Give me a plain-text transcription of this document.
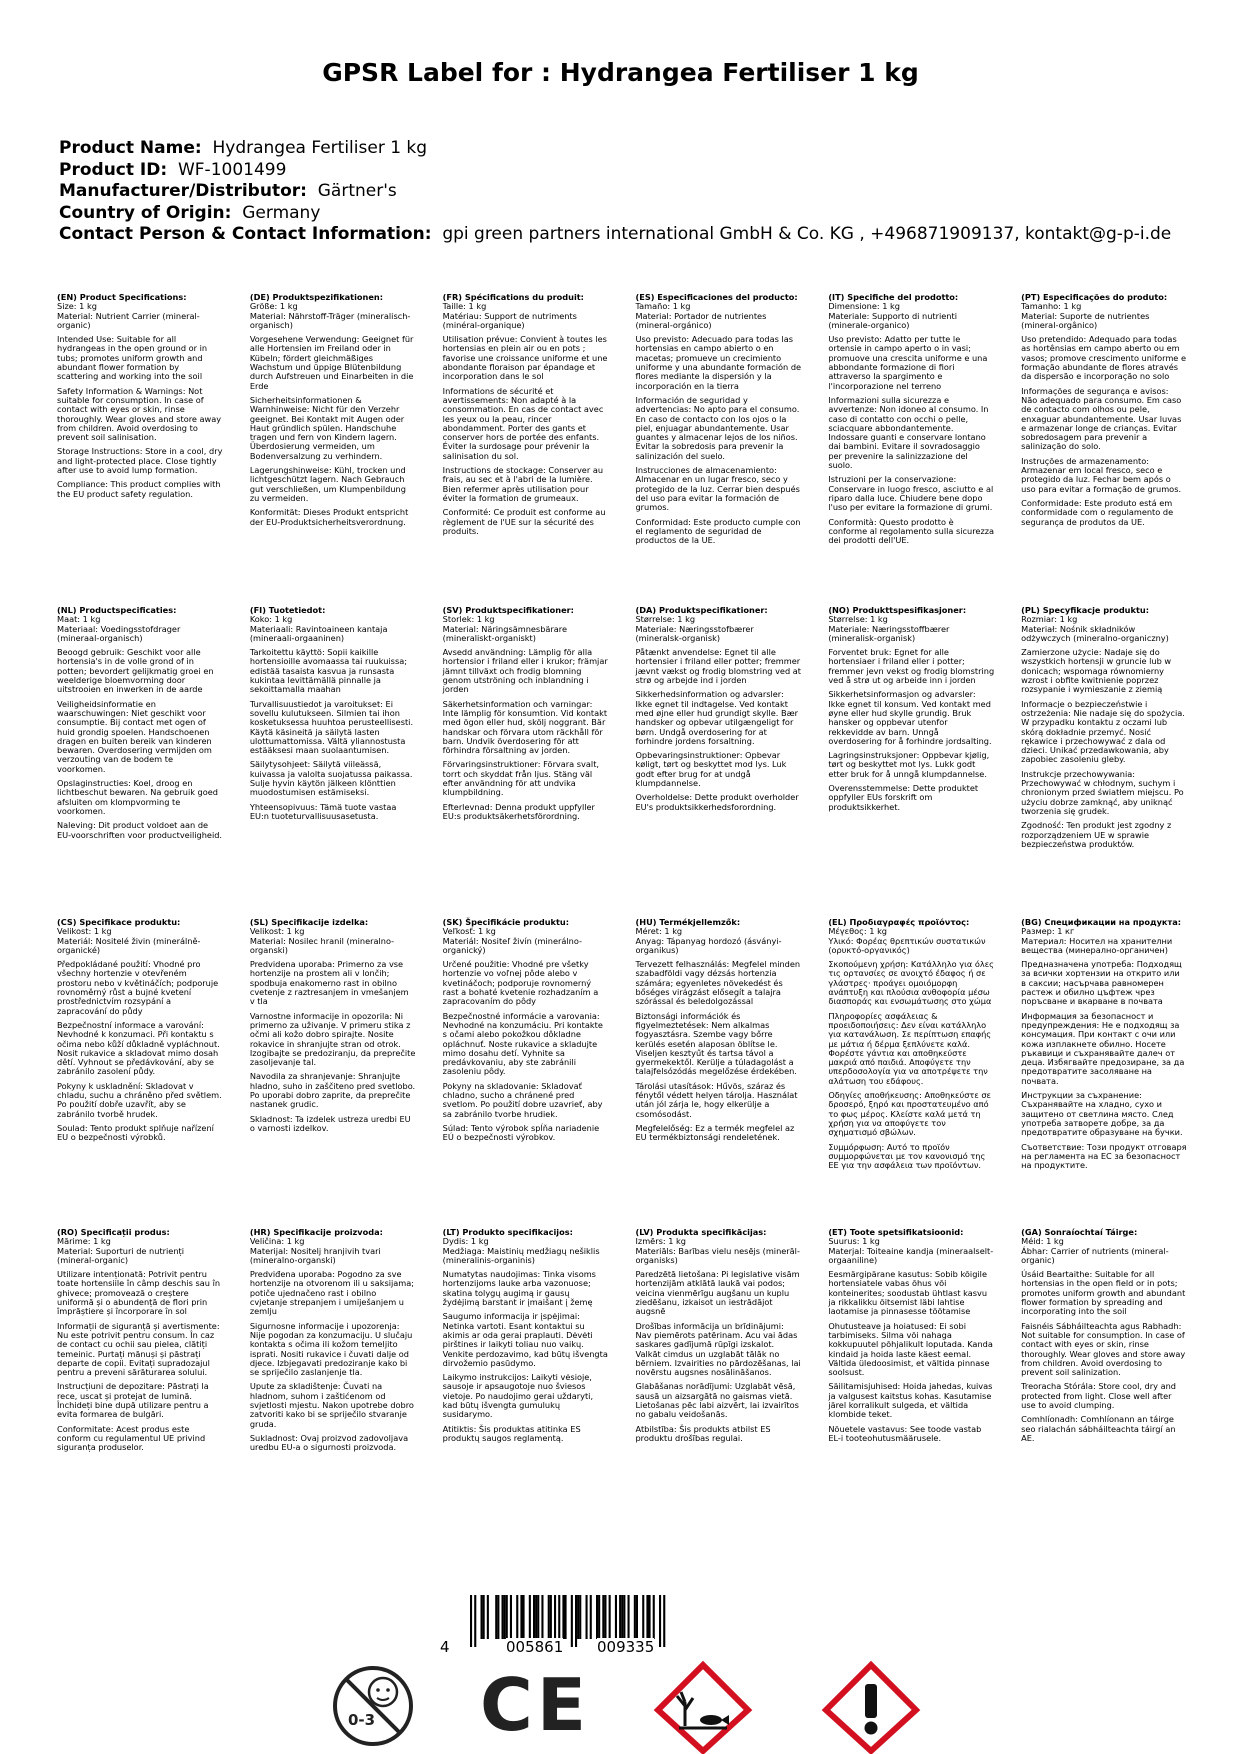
GPSR Label for : Hydrangea Fertiliser 1 kg
Product Name: Hydrangea Fertiliser 1 kg
Product ID: WF-1001499
Manufacturer/Distributor: Gärtner's
Country of Origin: Germany
Contact Person & Contact Information: gpi green partners international GmbH & Co. KG , +496871909137, kontakt@g-p-i.de
(EN) Product Specifications:

Size: 1 kg

Material: Nutrient Carrier (mineral-organic)

Intended Use: Suitable for all hydrangeas in the open ground or in tubs; promotes uniform growth and abundant flower formation by scattering and working into the soil

Safety Information & Warnings: Not suitable for consumption. In case of contact with eyes or skin, rinse thoroughly. Wear gloves and store away from children. Avoid overdosing to prevent soil salinisation.

Storage Instructions: Store in a cool, dry and light-protected place. Close tightly after use to avoid lump formation.

Compliance: This product complies with the EU product safety regulation.

(DE) Produktspezifikationen:

Größe: 1 kg

Material: Nährstoff-Träger (mineralisch-organisch)

Vorgesehene Verwendung: Geeignet für alle Hortensien im Freiland oder in Kübeln; fördert gleichmäßiges Wachstum und üppige Blütenbildung durch Aufstreuen und Einarbeiten in die Erde

Sicherheitsinformationen & Warnhinweise: Nicht für den Verzehr geeignet. Bei Kontakt mit Augen oder Haut gründlich spülen. Handschuhe tragen und fern von Kindern lagern. Überdosierung vermeiden, um Bodenversalzung zu verhindern.

Lagerungshinweise: Kühl, trocken und lichtgeschützt lagern. Nach Gebrauch gut verschließen, um Klumpenbildung zu vermeiden.

Konformität: Dieses Produkt entspricht der EU-Produktsicherheitsverordnung.

(FR) Spécifications du produit:

Taille: 1 kg

Matériau: Support de nutriments (minéral-organique)

Utilisation prévue: Convient à toutes les hortensias en plein air ou en pots ; favorise une croissance uniforme et une abondante floraison par épandage et incorporation dans le sol

Informations de sécurité et avertissements: Non adapté à la consommation. En cas de contact avec les yeux ou la peau, rincer abondamment. Porter des gants et conserver hors de portée des enfants. Éviter la surdosage pour prévenir la salinisation du sol.

Instructions de stockage: Conserver au frais, au sec et à l'abri de la lumière. Bien refermer après utilisation pour éviter la formation de grumeaux.

Conformité: Ce produit est conforme au règlement de l'UE sur la sécurité des produits.

(ES) Especificaciones del producto:

Tamaño: 1 kg

Material: Portador de nutrientes (mineral-orgánico)

Uso previsto: Adecuado para todas las hortensias en campo abierto o en macetas; promueve un crecimiento uniforme y una abundante formación de flores mediante la dispersión y la incorporación en la tierra

Información de seguridad y advertencias: No apto para el consumo. En caso de contacto con los ojos o la piel, enjuagar abundantemente. Usar guantes y almacenar lejos de los niños. Evitar la sobredosis para prevenir la salinización del suelo.

Instrucciones de almacenamiento: Almacenar en un lugar fresco, seco y protegido de la luz. Cerrar bien después del uso para evitar la formación de grumos.

Conformidad: Este producto cumple con el reglamento de seguridad de productos de la UE.

(IT) Specifiche del prodotto:

Dimensione: 1 kg

Materiale: Supporto di nutrienti (minerale-organico)

Uso previsto: Adatto per tutte le ortensie in campo aperto o in vasi; promuove una crescita uniforme e una abbondante formazione di fiori attraverso la spargimento e l'incorporazione nel terreno

Informazioni sulla sicurezza e avvertenze: Non idoneo al consumo. In caso di contatto con occhi o pelle, sciacquare abbondantemente. Indossare guanti e conservare lontano dai bambini. Evitare il sovradosaggio per prevenire la salinizzazione del suolo.

Istruzioni per la conservazione: Conservare in luogo fresco, asciutto e al riparo dalla luce. Chiudere bene dopo l'uso per evitare la formazione di grumi.

Conformità: Questo prodotto è conforme al regolamento sulla sicurezza dei prodotti dell'UE.

(PT) Especificações do produto:

Tamanho: 1 kg

Material: Suporte de nutrientes (mineral-orgânico)

Uso pretendido: Adequado para todas as hortênsias em campo aberto ou em vasos; promove crescimento uniforme e formação abundante de flores através da dispersão e incorporação no solo

Informações de segurança e avisos: Não adequado para consumo. Em caso de contacto com olhos ou pele, enxaguar abundantemente. Usar luvas e armazenar longe de crianças. Evitar sobredosagem para prevenir a salinização do solo.

Instruções de armazenamento: Armazenar em local fresco, seco e protegido da luz. Fechar bem após o uso para evitar a formação de grumos.

Conformidade: Este produto está em conformidade com o regulamento de segurança de produtos da UE.

(NL) Productspecificaties:

Maat: 1 kg

Materiaal: Voedingsstofdrager (mineraal-organisch)

Beoogd gebruik: Geschikt voor alle hortensia's in de volle grond of in potten; bevordert gelijkmatig groei en weelderige bloemvorming door uitstrooien en inwerken in de aarde

Veiligheidsinformatie en waarschuwingen: Niet geschikt voor consumptie. Bij contact met ogen of huid grondig spoelen. Handschoenen dragen en buiten bereik van kinderen bewaren. Overdosering vermijden om verzouting van de bodem te voorkomen.

Opslaginstructies: Koel, droog en lichtbeschut bewaren. Na gebruik goed afsluiten om klompvorming te voorkomen.

Naleving: Dit product voldoet aan de EU-voorschriften voor productveiligheid.

(FI) Tuotetiedot:

Koko: 1 kg

Materiaali: Ravintoaineen kantaja (mineraali-orgaaninen)

Tarkoitettu käyttö: Sopii kaikille hortensioille avomaassa tai ruukuissa; edistää tasaista kasvua ja runsasta kukintaa levittämällä pinnalle ja sekoittamalla maahan

Turvallisuustiedot ja varoitukset: Ei sovellu kulutukseen. Silmien tai ihon kosketuksessa huuhtoa perusteellisesti. Käytä käsineitä ja säilytä lasten ulottumattomissa. Vältä yliannostusta estääksesi maan suolaantumisen.

Säilytysohjeet: Säilytä viileässä, kuivassa ja valolta suojatussa paikassa. Sulje hyvin käytön jälkeen klönttien muodostumisen estämiseksi.

Yhteensopivuus: Tämä tuote vastaa EU:n tuoteturvallisuusasetusta.

(SV) Produktspecifikationer:

Storlek: 1 kg

Material: Näringsämnesbärare (mineraliskt-organiskt)

Avsedd användning: Lämplig för alla hortensior i friland eller i krukor; främjar jämnt tillväxt och frodig blomning genom utströning och inblandning i jorden

Säkerhetsinformation och varningar: Inte lämplig för konsumtion. Vid kontakt med ögon eller hud, skölj noggrant. Bär handskar och förvara utom räckhåll för barn. Undvik överdosering för att förhindra försaltning av jorden.

Förvaringsinstruktioner: Förvara svalt, torrt och skyddat från ljus. Stäng väl efter användning för att undvika klumpbildning.

Efterlevnad: Denna produkt uppfyller EU:s produktsäkerhetsförordning.

(DA) Produktspecifikationer:

Størrelse: 1 kg

Materiale: Næringsstofbærer (mineralsk-organisk)

Påtænkt anvendelse: Egnet til alle hortensier i friland eller potter; fremmer jævnt vækst og frodig blomstring ved at strø og arbejde ind i jorden

Sikkerhedsinformation og advarsler: Ikke egnet til indtagelse. Ved kontakt med øjne eller hud grundigt skylle. Bær handsker og opbevar utilgængeligt for børn. Undgå overdosering for at forhindre jordens forsaltning.

Opbevaringsinstruktioner: Opbevar køligt, tørt og beskyttet mod lys. Luk godt efter brug for at undgå klumpdannelse.

Overholdelse: Dette produkt overholder EU's produktsikkerhedsforordning.

(NO) Produkttspesifikasjoner:

Størrelse: 1 kg

Materiale: Næringsstoffbærer (mineralisk-organisk)

Forventet bruk: Egnet for alle hortensiaer i friland eller i potter; fremmer jevn vekst og frodig blomstring ved å strø ut og arbeide inn i jorden

Sikkerhetsinformasjon og advarsler: Ikke egnet til konsum. Ved kontakt med øyne eller hud skylle grundig. Bruk hansker og oppbevar utenfor rekkevidde av barn. Unngå overdosering for å forhindre jordsalting.

Lagringsinstruksjoner: Oppbevar kjølig, tørt og beskyttet mot lys. Lukk godt etter bruk for å unngå klumpdannelse.

Overensstemmelse: Dette produktet oppfyller EUs forskrift om produktsikkerhet.

(PL) Specyfikacje produktu:

Rozmiar: 1 kg

Materiał: Nośnik składników odżywczych (mineralno-organiczny)

Zamierzone użycie: Nadaje się do wszystkich hortensji w gruncie lub w donicach; wspomaga równomierny wzrost i obfite kwitnienie poprzez rozsypanie i wymieszanie z ziemią

Informacje o bezpieczeństwie i ostrzeżenia: Nie nadaje się do spożycia. W przypadku kontaktu z oczami lub skórą dokładnie przemyć. Nosić rękawice i przechowywać z dala od dzieci. Unikać przedawkowania, aby zapobiec zasoleniu gleby.

Instrukcje przechowywania: Przechowywać w chłodnym, suchym i chronionym przed światłem miejscu. Po użyciu dobrze zamknąć, aby uniknąć tworzenia się grudek.

Zgodność: Ten produkt jest zgodny z rozporządzeniem UE w sprawie bezpieczeństwa produktów.

(CS) Specifikace produktu:

Velikost: 1 kg

Materiál: Nositelé živin (minerálně-organické)

Předpokládané použití: Vhodné pro všechny hortenzie v otevřeném prostoru nebo v květináčích; podporuje rovnoměrný růst a bujné kvetení prostřednictvím rozsypání a zapracování do půdy

Bezpečnostní informace a varování: Nevhodné k konzumaci. Při kontaktu s očima nebo kůží důkladně vypláchnout. Nosit rukavice a skladovat mimo dosah dětí. Vyhnout se předávkování, aby se zabránilo zasolení půdy.

Pokyny k uskladnění: Skladovat v chladu, suchu a chráněno před světlem. Po použití dobře uzavřít, aby se zabránilo tvorbě hrudek.

Soulad: Tento produkt splňuje nařízení EU o bezpečnosti výrobků.

(SL) Specifikacije izdelka:

Velikost: 1 kg

Material: Nosilec hranil (mineralno-organski)

Predvidena uporaba: Primerno za vse hortenzije na prostem ali v lončih; spodbuja enakomerno rast in obilno cvetenje z raztresanjem in vmešanjem v tla

Varnostne informacije in opozorila: Ni primerno za uživanje. V primeru stika z očmi ali kožo dobro spirajte. Nosite rokavice in shranjujte stran od otrok. Izogibajte se predoziranju, da preprečite zasoljevanje tal.

Navodila za shranjevanje: Shranjujte hladno, suho in zaščiteno pred svetlobo. Po uporabi dobro zaprite, da preprečite nastanek grudic.

Skladnost: Ta izdelek ustreza uredbi EU o varnosti izdelkov.

(SK) Špecifikácie produktu:

Veľkosť: 1 kg

Materiál: Nositeľ živín (minerálno-organický)

Určené použitie: Vhodné pre všetky hortenzie vo voľnej pôde alebo v kvetináčoch; podporuje rovnomerný rast a bohaté kvetenie rozhadzaním a zapracovaním do pôdy

Bezpečnostné informácie a varovania: Nevhodné na konzumáciu. Pri kontakte s očami alebo pokožkou dôkladne opláchnuť. Noste rukavice a skladujte mimo dosahu detí. Vyhnite sa predávkovaniu, aby ste zabránili zasoleniu pôdy.

Pokyny na skladovanie: Skladovať chladno, sucho a chránené pred svetlom. Po použití dobre uzavrieť, aby sa zabránilo tvorbe hrudiek.

Súlad: Tento výrobok spĺňa nariadenie EÚ o bezpečnosti výrobkov.

(HU) Termékjellemzők:

Méret: 1 kg

Anyag: Tápanyag hordozó (ásványi-organikus)

Tervezett felhasználás: Megfelel minden szabadföldi vagy dézsás hortenzia számára; egyenletes növekedést és bőséges virágzást elősegít a talajra szórással és beledolgozással

Biztonsági információk és figyelmeztetések: Nem alkalmas fogyasztásra. Szembe vagy bőrre kerülés esetén alaposan öblítse le. Viseljen kesztyűt és tartsa távol a gyermekektől. Kerülje a túladagolást a talajfelsózódás megelőzése érdekében.

Tárolási utasítások: Hűvös, száraz és fénytől védett helyen tárolja. Használat után jól zárja le, hogy elkerülje a csomósodást.

Megfelelőség: Ez a termék megfelel az EU termékbiztonsági rendeletének.

(EL) Προδιαγραφές προϊόντος:

Μέγεθος: 1 kg

Υλικό: Φορέας θρεπτικών συστατικών (ορυκτό-οργανικός)

Σκοπούμενη χρήση: Κατάλληλο για όλες τις ορτανσίες σε ανοιχτό έδαφος ή σε γλάστρες· προάγει ομοιόμορφη ανάπτυξη και πλούσια ανθοφορία μέσω διασποράς και ενσωμάτωσης στο χώμα

Πληροφορίες ασφάλειας & προειδοποιήσεις: Δεν είναι κατάλληλο για κατανάλωση. Σε περίπτωση επαφής με μάτια ή δέρμα ξεπλύνετε καλά. Φορέστε γάντια και αποθηκεύστε μακριά από παιδιά. Αποφύγετε την υπερδοσολογία για να αποτρέψετε την αλάτωση του εδάφους.

Οδηγίες αποθήκευσης: Αποθηκεύστε σε δροσερό, ξηρό και προστατευμένο από το φως μέρος. Κλείστε καλά μετά τη χρήση για να αποφύγετε τον σχηματισμό σβώλων.

Συμμόρφωση: Αυτό το προϊόν συμμορφώνεται με τον κανονισμό της ΕΕ για την ασφάλεια των προϊόντων.

(BG) Спецификации на продукта:

Размер: 1 кг

Материал: Носител на хранителни вещества (минерално-органичен)

Предназначена употреба: Подходящ за всички хортензии на открито или в саксии; насърчава равномерен растеж и обилно цъфтеж чрез поръсване и вкарване в почвата

Информация за безопасност и предупреждения: Не е подходящ за консумация. При контакт с очи или кожа изплакнете обилно. Носете ръкавици и съхранявайте далеч от деца. Избягвайте предозиране, за да предотвратите засоляване на почвата.

Инструкции за съхранение: Съхранявайте на хладно, сухо и защитено от светлина място. След употреба затворете добре, за да предотвратите образуване на бучки.

Съответствие: Този продукт отговаря на регламента на ЕС за безопасност на продуктите.

(RO) Specificații produs:

Mărime: 1 kg

Material: Suporturi de nutrienți (mineral-organic)

Utilizare intenționată: Potrivit pentru toate hortensiile în câmp deschis sau în ghivece; promovează o creștere uniformă și o abundență de flori prin împrăștiere și încorporare în sol

Informații de siguranță și avertismente: Nu este potrivit pentru consum. În caz de contact cu ochii sau pielea, clătiți temeinic. Purtați mănuși și păstrați departe de copii. Evitați supradozajul pentru a preveni sărăturarea solului.

Instrucțiuni de depozitare: Păstrați la rece, uscat și protejat de lumină. Închideți bine după utilizare pentru a evita formarea de bulgări.

Conformitate: Acest produs este conform cu regulamentul UE privind siguranța produselor.

(HR) Specifikacije proizvoda:

Veličina: 1 kg

Materijal: Nositelj hranjivih tvari (mineralno-organski)

Predviđena uporaba: Pogodno za sve hortenzije na otvorenom ili u saksijama; potiče ujednačeno rast i obilno cvjetanje strepanjem i umiješanjem u zemlju

Sigurnosne informacije i upozorenja: Nije pogodan za konzumaciju. U slučaju kontakta s očima ili kožom temeljito isprati. Nositi rukavice i čuvati dalje od djece. Izbjegavati predoziranje kako bi se spriječilo zaslanjenje tla.

Upute za skladištenje: Čuvati na hladnom, suhom i zaštićenom od svjetlosti mjestu. Nakon upotrebe dobro zatvoriti kako bi se spriječilo stvaranje gruda.

Sukladnost: Ovaj proizvod zadovoljava uredbu EU-a o sigurnosti proizvoda.

(LT) Produkto specifikacijos:

Dydis: 1 kg

Medžiaga: Maistinių medžiagų nešiklis (mineralinis-organinis)

Numatytas naudojimas: Tinka visoms hortenzijoms lauke arba vazonuose; skatina tolygų augimą ir gausų žydėjimą barstant ir įmaišant į žemę

Saugumo informacija ir įspėjimai: Netinka vartoti. Esant kontaktui su akimis ar oda gerai praplauti. Dėvėti pirštines ir laikyti toliau nuo vaikų. Venkite perdozavimo, kad būtų išvengta dirvožemio pasūdymo.

Laikymo instrukcijos: Laikyti vėsioje, sausoje ir apsaugotoje nuo šviesos vietoje. Po naudojimo gerai uždaryti, kad būtų išvengta gumulukų susidarymo.

Atitiktis: Šis produktas atitinka ES produktų saugos reglamentą.

(LV) Produkta specifikācijas:

Izmērs: 1 kg

Materiāls: Barības vielu nesējs (minerāl-organisks)

Paredzētā lietošana: Pi legislative visām hortenzijām atklātā laukā vai podos; veicina vienmērīgu augšanu un kuplu ziedēšanu, izkaisot un iestrādājot augsnē

Drošības informācija un brīdinājumi: Nav piemērots patērinam. Acu vai ādas saskares gadījumā rūpīgi izskalot. Valkāt cimdus un uzglabāt tālāk no bērniem. Izvairities no pārdozēšanas, lai novērstu augsnes nosālināšanos.

Glabāšanas norādījumi: Uzglabāt vēsā, sausā un aizsargātā no gaismas vietā. Lietošanas pēc labi aizvērt, lai izvairītos no gabalu veidošanās.

Atbilstība: Šis produkts atbilst ES produktu drošības regulai.

(ET) Toote spetsifikatsioonid:

Suurus: 1 kg

Materjal: Toiteaine kandja (mineraalselt-orgaaniline)

Eesmärgipärane kasutus: Sobib kõigile hortensiatele vabas õhus või konteinerites; soodustab ühtlast kasvu ja rikkalikku õitsemist läbi lahtise laotamise ja pinnasesse töötamise

Ohutusteave ja hoiatused: Ei sobi tarbimiseks. Silma või nahaga kokkupuutel põhjalikult loputada. Kanda kindaid ja hoida laste käest eemal. Vältida üledoosimist, et vältida pinnase soolsust.

Säilitamisjuhised: Hoida jahedas, kuivas ja valgusest kaitstus kohas. Kasutamise järel korralikult sulgeda, et vältida klombide teket.

Nõuetele vastavus: See toode vastab EL-i tooteohutusmäärusele.

(GA) Sonraíochtaí Táirge:

Méid: 1 kg

Ábhar: Carrier of nutrients (mineral-organic)

Úsáid Beartaithe: Suitable for all hortensias in the open field or in pots; promotes uniform growth and abundant flower formation by spreading and incorporating into the soil

Faisnéis Sábháilteachta agus Rabhadh: Not suitable for consumption. In case of contact with eyes or skin, rinse thoroughly. Wear gloves and store away from children. Avoid overdosing to prevent soil salinization.

Treoracha Stórála: Store cool, dry and protected from light. Close well after use to avoid clumping.

Comhlíonadh: Comhlíonann an táirge seo rialachán sábháilteachta táirgí an AE.

4	005861 009335
0-3 CE
